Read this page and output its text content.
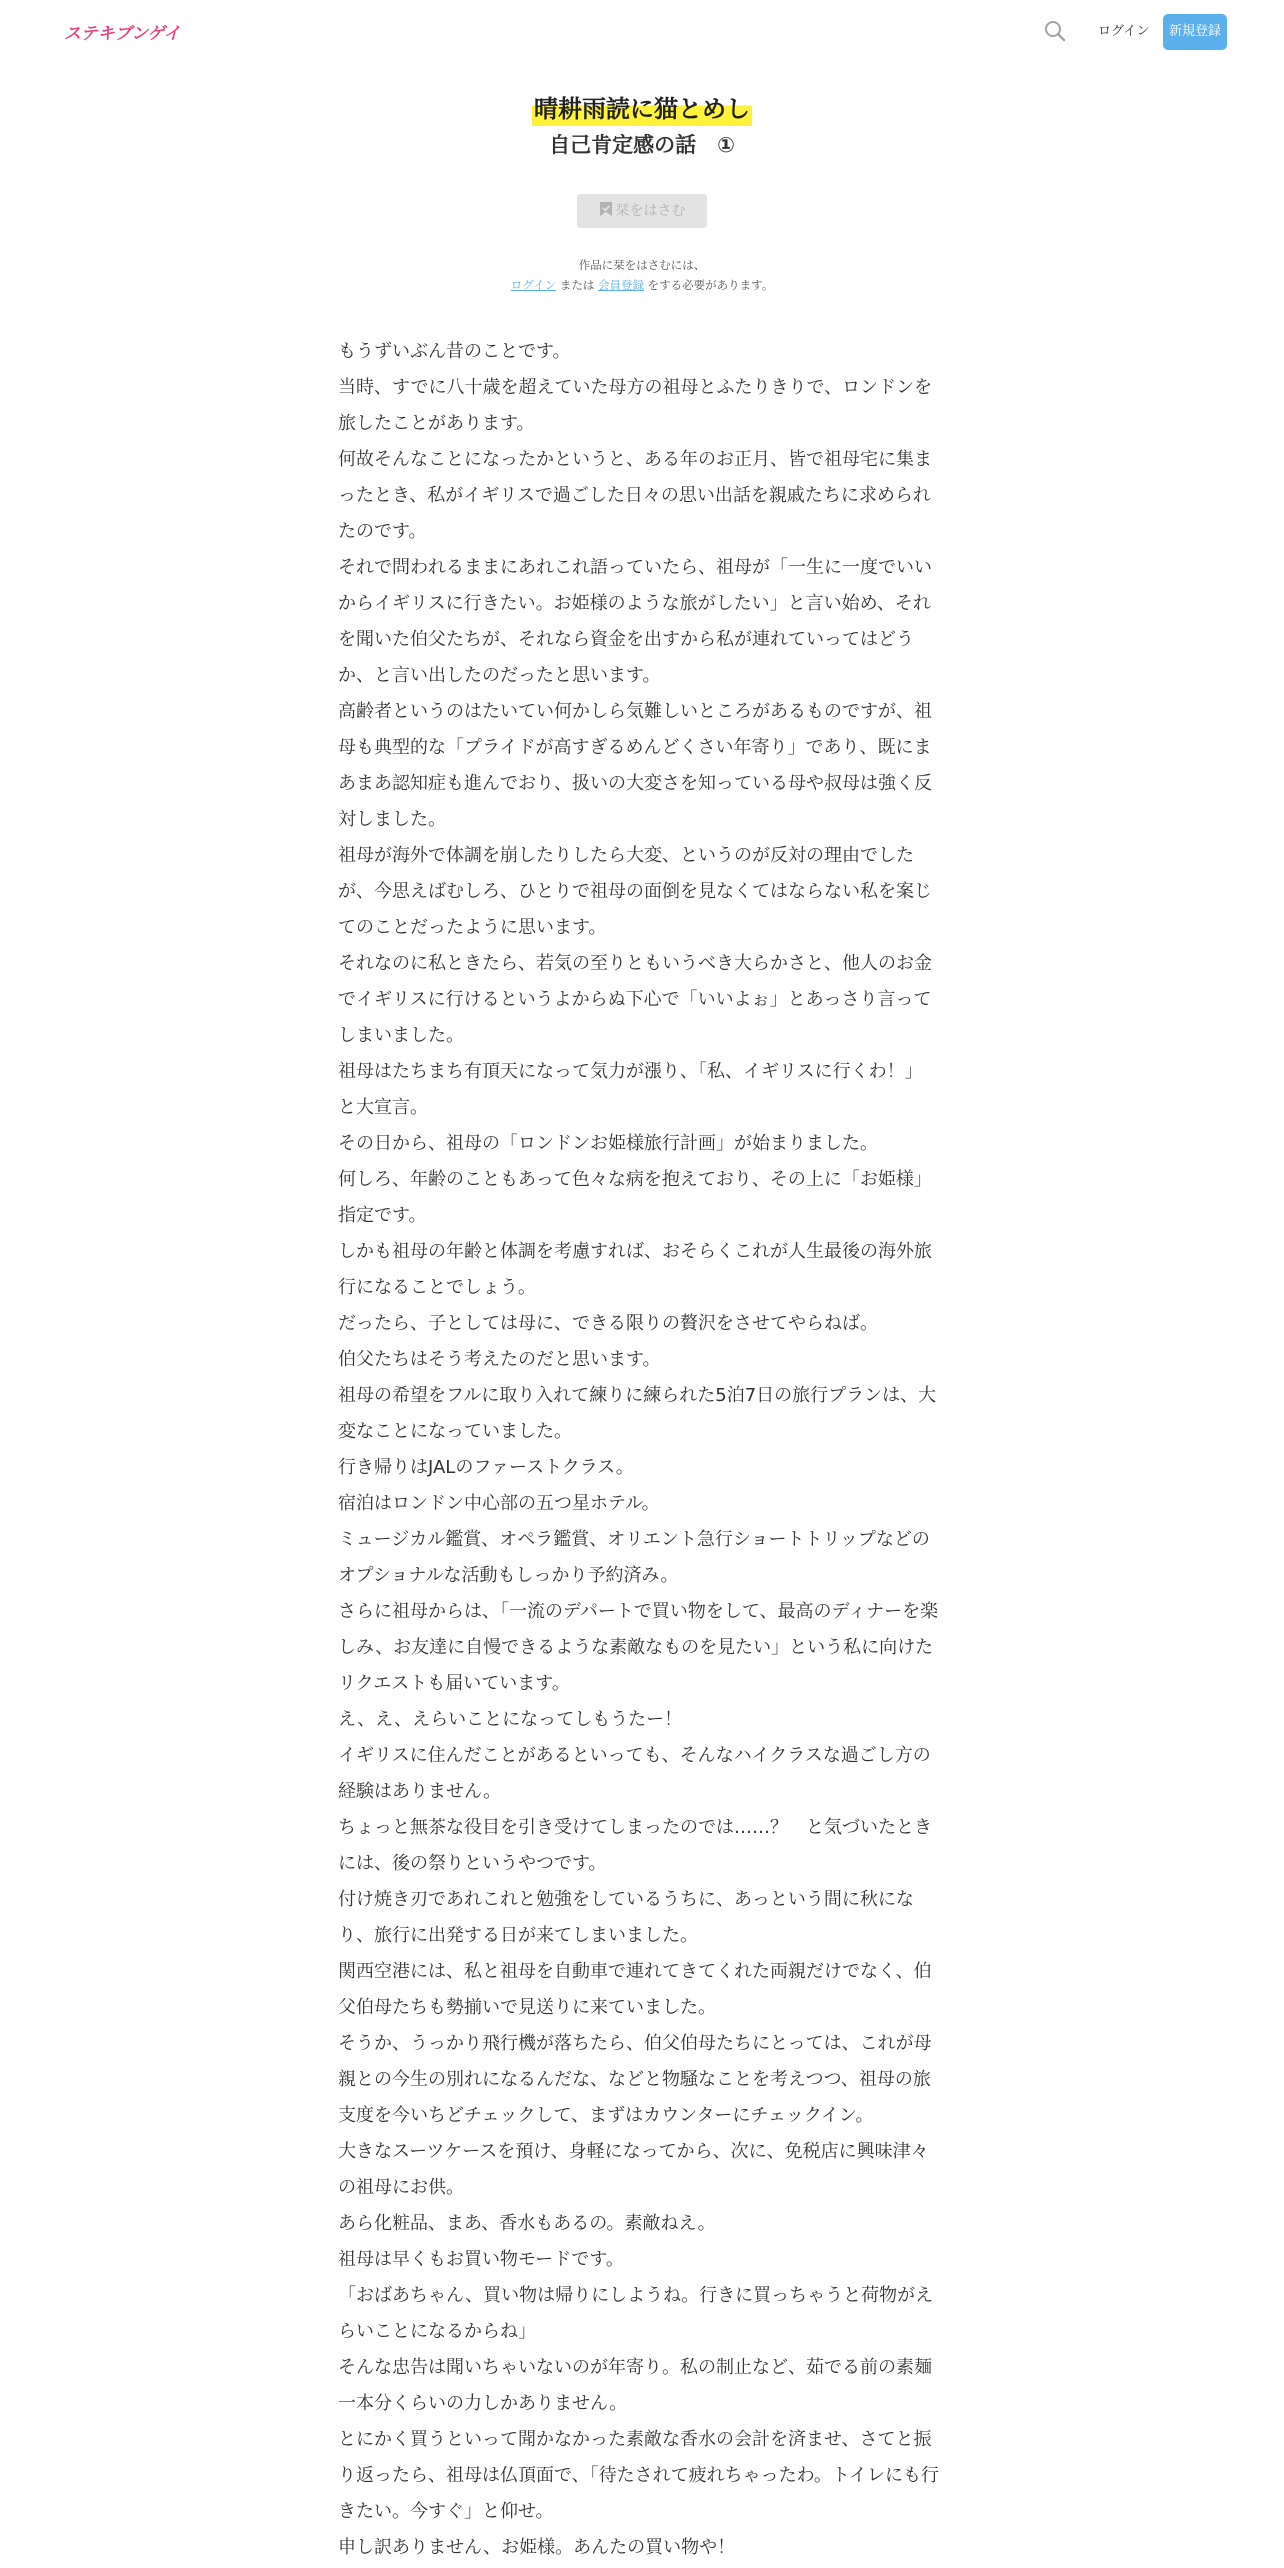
ステキブンゲイ	ログイン	新規登録
晴耕雨読に猫とめし
自己肯定感の話　①
栞をはさむ
作品に栞をはさむには、
ログイン または 会員登録 をする必要があります。

もうずいぶん昔のことです。

当時、すでに八十歳を超えていた母方の祖母とふたりきりで、ロンドンを旅したことがあります。

何故そんなことになったかというと、ある年のお正月、皆で祖母宅に集まったとき、私がイギリスで過ごした日々の思い出話を親戚たちに求められたのです。

それで問われるままにあれこれ語っていたら、祖母が「一生に一度でいいからイギリスに行きたい。お姫様のような旅がしたい」と言い始め、それを聞いた伯父たちが、それなら資金を出すから私が連れていってはどうか、と言い出したのだったと思います。

高齢者というのはたいてい何かしら気難しいところがあるものですが、祖母も典型的な「プライドが高すぎるめんどくさい年寄り」であり、既にまあまあ認知症も進んでおり、扱いの大変さを知っている母や叔母は強く反対しました。

祖母が海外で体調を崩したりしたら大変、というのが反対の理由でしたが、今思えばむしろ、ひとりで祖母の面倒を見なくてはならない私を案じてのことだったように思います。

それなのに私ときたら、若気の至りともいうべき大らかさと、他人のお金でイギリスに行けるというよからぬ下心で「いいよぉ」とあっさり言ってしまいました。

祖母はたちまち有頂天になって気力が漲り、「私、イギリスに行くわ！」と大宣言。

その日から、祖母の「ロンドンお姫様旅行計画」が始まりました。

何しろ、年齢のこともあって色々な病を抱えており、その上に「お姫様」指定です。

しかも祖母の年齢と体調を考慮すれば、おそらくこれが人生最後の海外旅行になることでしょう。

だったら、子としては母に、できる限りの贅沢をさせてやらねば。

伯父たちはそう考えたのだと思います。

祖母の希望をフルに取り入れて練りに練られた5泊7日の旅行プランは、大変なことになっていました。

行き帰りはJALのファーストクラス。

宿泊はロンドン中心部の五つ星ホテル。

ミュージカル鑑賞、オペラ鑑賞、オリエント急行ショートトリップなどのオプショナルな活動もしっかり予約済み。

さらに祖母からは、「一流のデパートで買い物をして、最高のディナーを楽しみ、お友達に自慢できるような素敵なものを見たい」という私に向けたリクエストも届いています。

え、え、えらいことになってしもうたー！

イギリスに住んだことがあるといっても、そんなハイクラスな過ごし方の経験はありません。

ちょっと無茶な役目を引き受けてしまったのでは……？　と気づいたときには、後の祭りというやつです。

付け焼き刃であれこれと勉強をしているうちに、あっという間に秋になり、旅行に出発する日が来てしまいました。

関西空港には、私と祖母を自動車で連れてきてくれた両親だけでなく、伯父伯母たちも勢揃いで見送りに来ていました。

そうか、うっかり飛行機が落ちたら、伯父伯母たちにとっては、これが母親との今生の別れになるんだな、などと物騒なことを考えつつ、祖母の旅支度を今いちどチェックして、まずはカウンターにチェックイン。

大きなスーツケースを預け、身軽になってから、次に、免税店に興味津々の祖母にお供。

あら化粧品、まあ、香水もあるの。素敵ねえ。

祖母は早くもお買い物モードです。

「おばあちゃん、買い物は帰りにしようね。行きに買っちゃうと荷物がえらいことになるからね」

そんな忠告は聞いちゃいないのが年寄り。私の制止など、茹でる前の素麺一本分くらいの力しかありません。

とにかく買うといって聞かなかった素敵な香水の会計を済ませ、さてと振り返ったら、祖母は仏頂面で、「待たされて疲れちゃったわ。トイレにも行きたい。今すぐ」と仰せ。

申し訳ありません、お姫様。あんたの買い物や！
